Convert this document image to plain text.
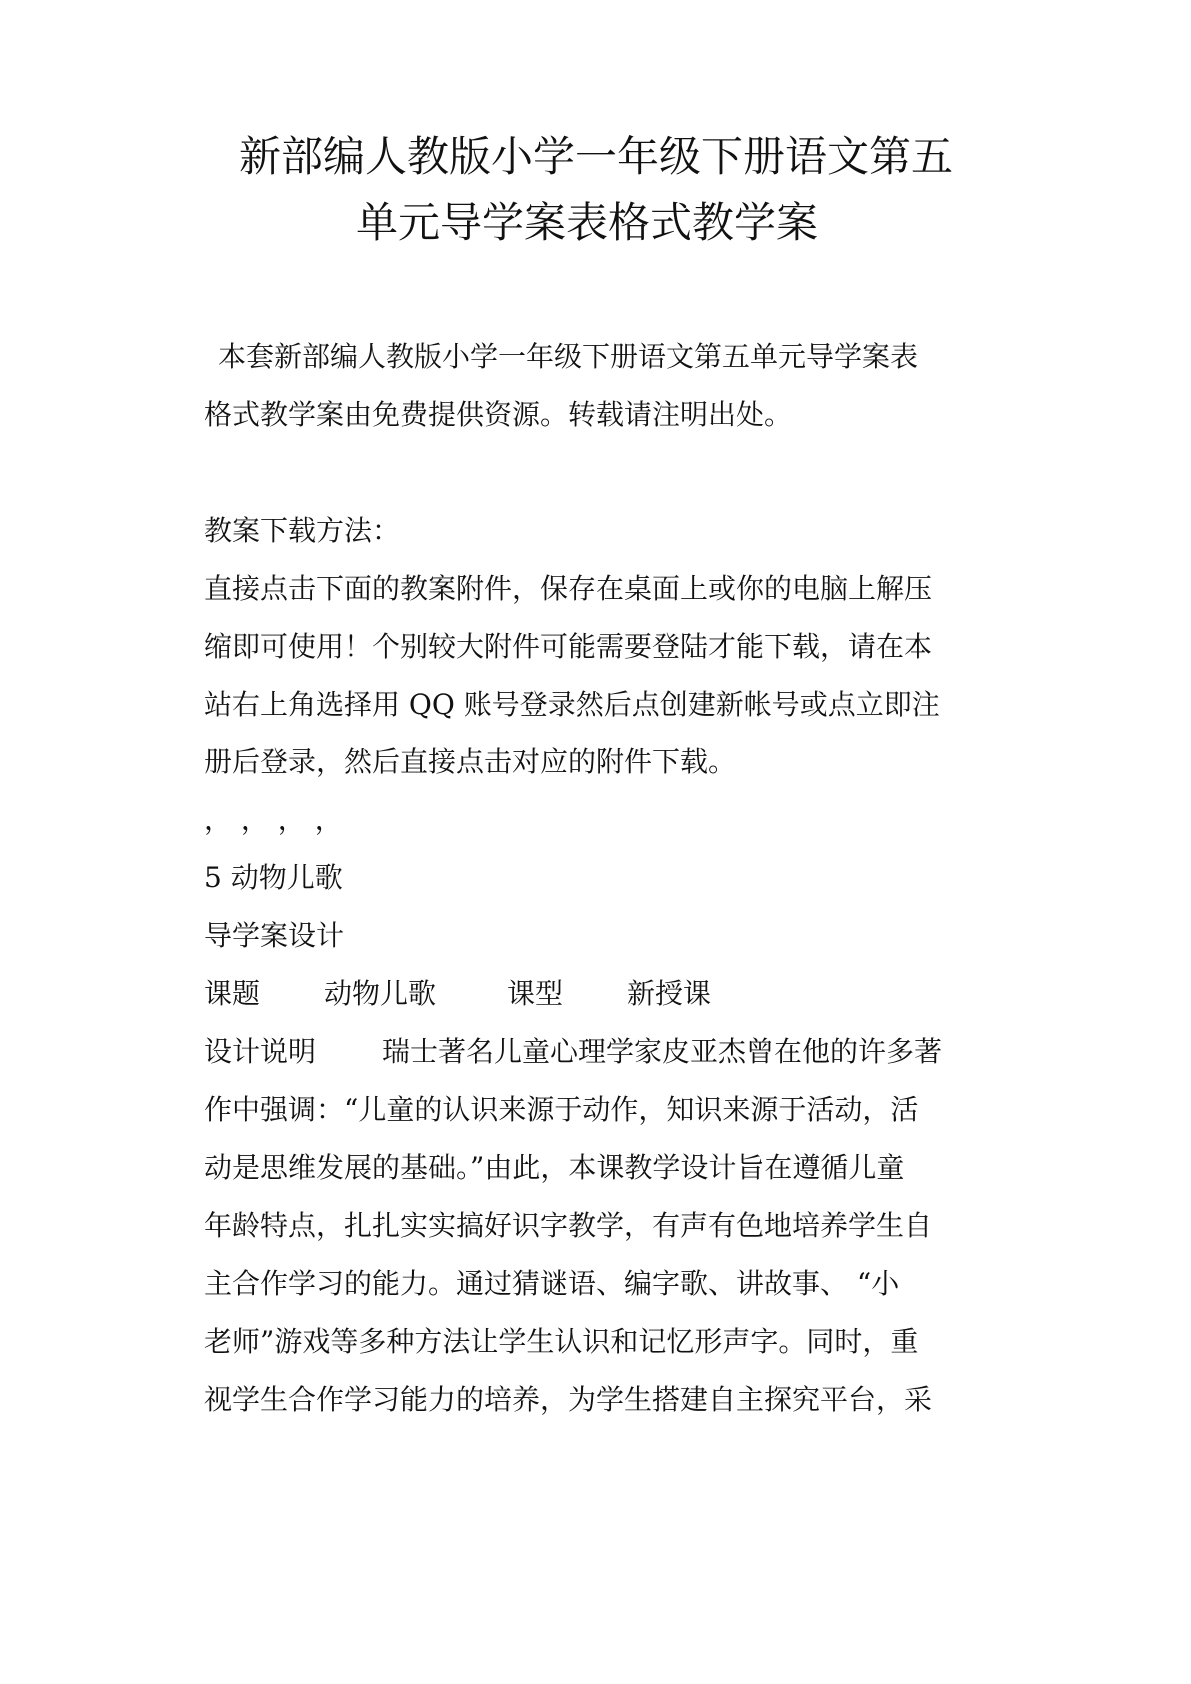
新部编人教版小学一年级下册语文第五
单元导学案表格式教学案
本套新部编人教版小学一年级下册语文第五单元导学案表
格式教学案由免费提供资源。转载请注明出处。
教案下载方法：
直接点击下面的教案附件，保存在桌面上或你的电脑上解压
缩即可使用！个别较大附件可能需要登陆才能下载，请在本
站右上角选择用 QQ 账号登录然后点创建新帐号或点立即注
册后登录，然后直接点击对应的附件下载。
， ， ， ，
5 动物儿歌
导学案设计
课题 动物儿歌	课型 新授课
设计说明 瑞士著名儿童心理学家皮亚杰曾在他的许多著
作中强调：“儿童的认识来源于动作，知识来源于活动，活
动是思维发展的基础。”由此，本课教学设计旨在遵循儿童
年龄特点，扎扎实实搞好识字教学，有声有色地培养学生自
主合作学习的能力。通过猜谜语、编字歌、讲故事、 “小
老师”游戏等多种方法让学生认识和记忆形声字。同时，重
视学生合作学习能力的培养，为学生搭建自主探究平台，采
